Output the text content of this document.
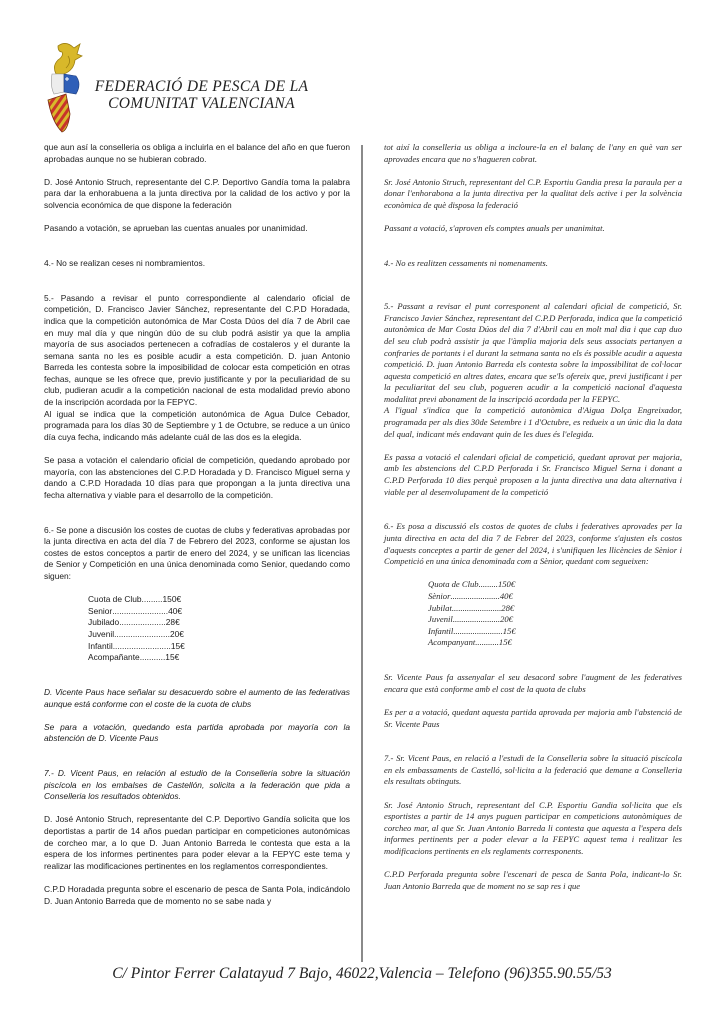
FEDERACIÓ DE PESCA DE LA
COMUNITAT VALENCIANA

que aun así la conselleria os obliga a incluirla en el balance del año en que fueron aprobadas aunque no se hubieran cobrado.

D. José Antonio Struch, representante del C.P. Deportivo Gandía toma la palabra para dar la enhorabuena a la junta directiva por la calidad de los activo y por la solvencia económica de que dispone la federación

Pasando a votación, se aprueban las cuentas anuales por unanimidad.

4.- No se realizan ceses ni nombramientos.

5.- Pasando a revisar el punto correspondiente al calendario oficial de competición, D. Francisco Javier Sánchez, representante del C.P.D Horadada, indica que la competición autonómica de Mar Costa Dúos del día 7 de Abril cae en muy mal día y que ningún dúo de su club podrá asistir ya que la amplia mayoría de sus asociados pertenecen a cofradías de costaleros y el durante la semana santa no les es posible acudir a esta competición. D. juan Antonio Barreda les contesta sobre la imposibilidad de colocar esta competición en otras fechas, aunque se les ofrece que, previo justificante y por la peculiaridad de su club, pudieran acudir a la competición nacional de esta modalidad previo abono de la inscripción acordada por la FEPYC.

Al igual se indica que la competición autonómica de Agua Dulce Cebador, programada para los días 30 de Septiembre y 1 de Octubre, se reduce a un único día cuya fecha, indicando más adelante cuál de las dos es la elegida.

Se pasa a votación el calendario oficial de competición, quedando aprobado por mayoría, con las abstenciones del C.P.D Horadada y D. Francisco Miguel serna y dando a C.P.D Horadada 10 días para que propongan a la junta directiva una fecha alternativa y viable para el desarrollo de la competición.

6.- Se pone a discusión los costes de cuotas de clubs y federativas aprobadas por la junta directiva en acta del día 7 de Febrero del 2023, conforme se ajustan los costes de estos conceptos a partir de enero del 2024, y se unifican las licencias de Senior y Competición en una única denominada como Senior, quedando como siguen:

Cuota de Club ......... 150€
Senior ........................ 40€
Jubilado .................... 28€
Juvenil ........................ 20€
Infantil ......................... 15€
Acompañante ........... 15€

D. Vicente Paus hace señalar su desacuerdo sobre el aumento de las federativas aunque está conforme con el coste de la cuota de clubs

Se para a votación, quedando esta partida aprobada por mayoría con la abstención de D. Vicente Paus

7.- D. Vicent Paus, en relación al estudio de la Conselleria sobre la situación piscícola en los embalses de Castellón, solicita a la federación que pida a Conselleria los resultados obtenidos.

D. José Antonio Struch, representante del C.P. Deportivo Gandía solicita que los deportistas a partir de 14 años puedan participar en competiciones autonómicas de corcheo mar, a lo que D. Juan Antonio Barreda le contesta que esta a la espera de los informes pertinentes para poder elevar a la FEPYC este tema y realizar las modificaciones pertinentes en los reglamentos correspondientes.

C.P.D Horadada pregunta sobre el escenario de pesca de Santa Pola, indicándolo D. Juan Antonio Barreda que de momento no se sabe nada y

tot així la conselleria us obliga a incloure-la en el balanç de l'any en què van ser aprovades encara que no s'hagueren cobrat.

Sr. José Antonio Struch, representant del C.P. Esportiu Gandia presa la paraula per a donar l'enhorabona a la junta directiva per la qualitat dels active i per la solvència econòmica de què disposa la federació

Passant a votació, s'aproven els comptes anuals per unanimitat.

4.- No es realitzen cessaments ni nomenaments.

5.- Passant a revisar el punt corresponent al calendari oficial de competició, Sr. Francisco Javier Sánchez, representant del C.P.D Perforada, indica que la competició autonòmica de Mar Costa Dúos del dia 7 d'Abril cau en molt mal dia i que cap duo del seu club podrà assistir ja que l'àmplia majoria dels seus associats pertanyen a confraries de portants i el durant la setmana santa no els és possible acudir a aquesta competició. D. juan Antonio Barreda els contesta sobre la impossibilitat de col·locar aquesta competició en altres dates, encara que se'ls ofereix que, previ justificant i per la peculiaritat del seu club, pogueren acudir a la competició nacional d'aquesta modalitat previ abonament de la inscripció acordada per la FEPYC.

A l'igual s'indica que la competició autonòmica d'Aigua Dolça Engreixador, programada per als dies 30de Setembre i 1 d'Octubre, es redueix a un únic dia la data del qual, indicant més endavant quin de les dues és l'elegida.

Es passa a votació el calendari oficial de competició, quedant aprovat per majoria, amb les abstencions del C.P.D Perforada i Sr. Francisco Miguel Serna i donant a C.P.D Perforada 10 dies perquè proposen a la junta directiva una data alternativa i viable per al desenvolupament de la competició

6.- Es posa a discussió els costos de quotes de clubs i federatives aprovades per la junta directiva en acta del dia 7 de Febrer del 2023, conforme s'ajusten els costos d'aquests conceptes a partir de gener del 2024, i s'unifiquen les llicències de Sènior i Competició en una única denominada com a Sènior, quedant com segueixen:

Quota de Club ......... 150€
Sènior ....................... 40€
Jubilat ....................... 28€
Juvenil ...................... 20€
Infantil ....................... 15€
Acompanyant ........... 15€

Sr. Vicente Paus fa assenyalar el seu desacord sobre l'augment de les federatives encara que està conforme amb el cost de la quota de clubs

Es per a a votació, quedant aquesta partida aprovada per majoria amb l'abstenció de Sr. Vicente Paus

7.- Sr. Vicent Paus, en relació a l'estudi de la Conselleria sobre la situació piscícola en els embassaments de Castelló, sol·licita a la federació que demane a Conselleria els resultats obtinguts.

Sr. José Antonio Struch, representant del C.P. Esportiu Gandia sol·licita que els esportistes a partir de 14 anys puguen participar en competicions autonòmiques de corcheo mar, al que Sr. Juan Antonio Barreda li contesta que aquesta a l'espera dels informes pertinents per a poder elevar a la FEPYC aquest tema i realitzar les modificacions pertinents en els reglaments corresponents.

C.P.D Perforada pregunta sobre l'escenari de pesca de Santa Pola, indicant-lo Sr. Juan Antonio Barreda que de moment no se sap res i que

C/ Pintor Ferrer Calatayud 7 Bajo, 46022,Valencia – Telefono (96)355.90.55/53
